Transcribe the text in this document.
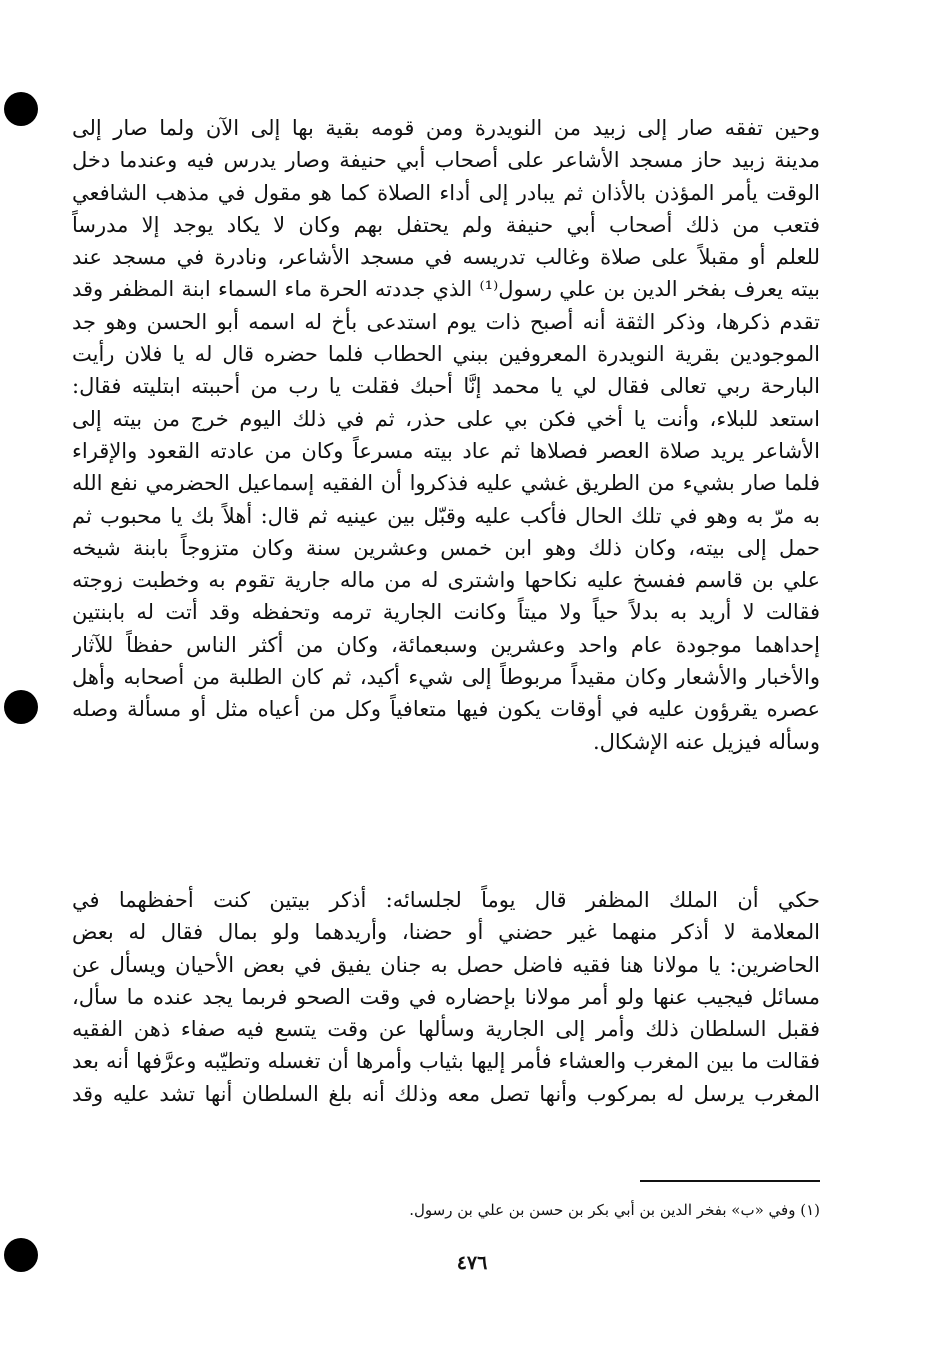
وحين تفقه صار إلى زبيد من النويدرة ومن قومه بقية بها إلى الآن ولما صار إلى
مدينة زبيد حاز مسجد الأشاعر على أصحاب أبي حنيفة وصار يدرس فيه وعندما دخل
الوقت يأمر المؤذن بالأذان ثم يبادر إلى أداء الصلاة كما هو مقول في مذهب الشافعي
فتعب من ذلك أصحاب أبي حنيفة ولم يحتفل بهم وكان لا يكاد يوجد إلا مدرساً
للعلم أو مقبلاً على صلاة وغالب تدريسه في مسجد الأشاعر، ونادرة في مسجد عند
بيته يعرف بفخر الدين بن علي رسول⁽¹⁾ الذي جددته الحرة ماء السماء ابنة المظفر وقد
تقدم ذكرها، وذكر الثقة أنه أصبح ذات يوم استدعى بأخ له اسمه أبو الحسن وهو جد
الموجودين بقرية النويدرة المعروفين ببني الحطاب فلما حضره قال له يا فلان رأيت
البارحة ربي تعالى فقال لي يا محمد إنَّا أحبك فقلت يا رب من أحببته ابتليته فقال:
استعد للبلاء، وأنت يا أخي فكن بي على حذر، ثم في ذلك اليوم خرج من بيته إلى
الأشاعر يريد صلاة العصر فصلاها ثم عاد بيته مسرعاً وكان من عادته القعود والإقراء
فلما صار بشيء من الطريق غشي عليه فذكروا أن الفقيه إسماعيل الحضرمي نفع الله
به مرّ به وهو في تلك الحال فأكب عليه وقبّل بين عينيه ثم قال: أهلاً بك يا محبوب ثم
حمل إلى بيته، وكان ذلك وهو ابن خمس وعشرين سنة وكان متزوجاً بابنة شيخه
علي بن قاسم ففسخ عليه نكاحها واشترى له من ماله جارية تقوم به وخطبت زوجته
فقالت لا أريد به بدلاً حياً ولا ميتاً وكانت الجارية ترمه وتحفظه وقد أتت له بابنتين
إحداهما موجودة عام واحد وعشرين وسبعمائة، وكان من أكثر الناس حفظاً للآثار
والأخبار والأشعار وكان مقيداً مربوطاً إلى شيء أكيد، ثم كان الطلبة من أصحابه وأهل
عصره يقرؤون عليه في أوقات يكون فيها متعافياً وكل من أعياه مثل أو مسألة وصله
وسأله فيزيل عنه الإشكال.
حكي أن الملك المظفر قال يوماً لجلسائه: أذكر بيتين كنت أحفظهما في
المعلامة لا أذكر منهما غير حضني أو حضنا، وأريدهما ولو بمال فقال له بعض
الحاضرين: يا مولانا هنا فقيه فاضل حصل به جنان يفيق في بعض الأحيان ويسأل عن
مسائل فيجيب عنها ولو أمر مولانا بإحضاره في وقت الصحو فربما يجد عنده ما سأل،
فقبل السلطان ذلك وأمر إلى الجارية وسألها عن وقت يتسع فيه صفاء ذهن الفقيه
فقالت ما بين المغرب والعشاء فأمر إليها بثياب وأمرها أن تغسله وتطيّبه وعرَّفها أنه بعد
المغرب يرسل له بمركوب وأنها تصل معه وذلك أنه بلغ السلطان أنها تشد عليه وقد
(١) وفي «ب» بفخر الدين بن أبي بكر بن حسن بن علي بن رسول.
٤٧٦
